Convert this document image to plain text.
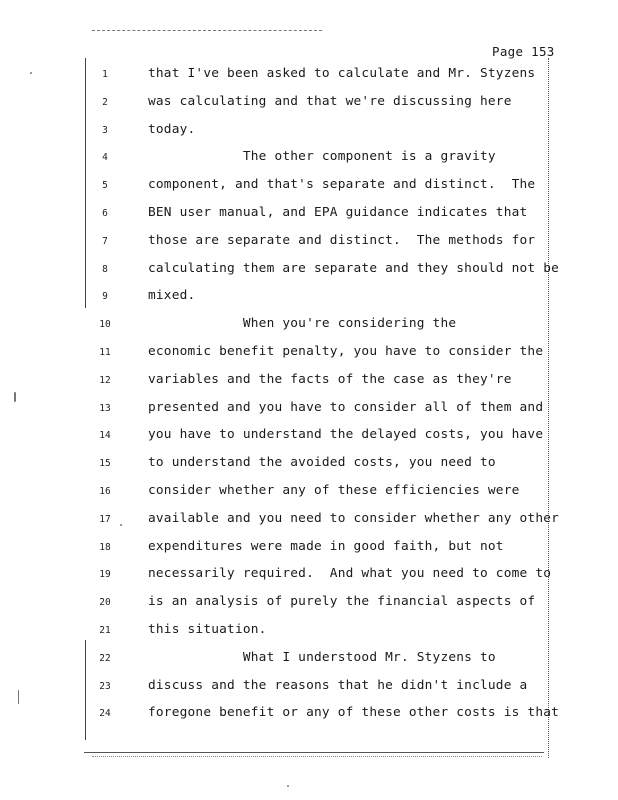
Page 153
1	that I've been asked to calculate and Mr. Styzens
2	was calculating and that we're discussing here
3	today.
4	The other component is a gravity
5	component, and that's separate and distinct.  The
6	BEN user manual, and EPA guidance indicates that
7	those are separate and distinct.  The methods for
8	calculating them are separate and they should not be
9	mixed.
10	When you're considering the
11	economic benefit penalty, you have to consider the
12	variables and the facts of the case as they're
13	presented and you have to consider all of them and
14	you have to understand the delayed costs, you have
15	to understand the avoided costs, you need to
16	consider whether any of these efficiencies were
17	available and you need to consider whether any other
18	expenditures were made in good faith, but not
19	necessarily required.  And what you need to come to
20	is an analysis of purely the financial aspects of
21	this situation.
22	What I understood Mr. Styzens to
23	discuss and the reasons that he didn't include a
24	foregone benefit or any of these other costs is that
